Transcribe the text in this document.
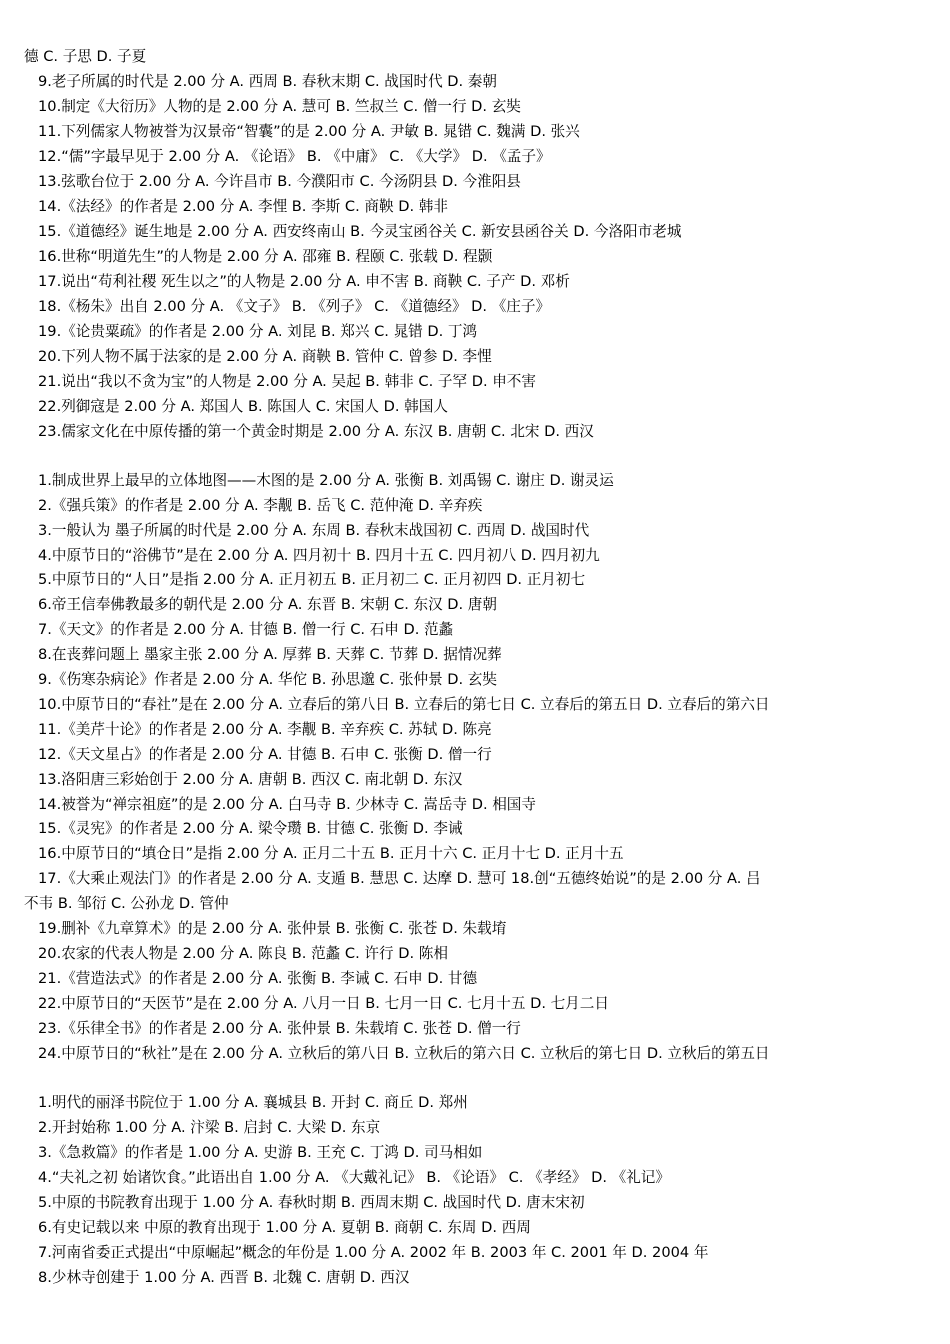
德 C. 子思 D. 子夏
9.老子所属的时代是 2.00 分 A. 西周 B. 春秋末期 C. 战国时代 D. 秦朝
10.制定《大衍历》人物的是 2.00 分 A. 慧可 B. 竺叔兰 C. 僧一行 D. 玄奘
11.下列儒家人物被誉为汉景帝“智囊”的是 2.00 分 A. 尹敏 B. 晁错 C. 魏满 D. 张兴
12.“儒”字最早见于 2.00 分 A. 《论语》 B. 《中庸》 C. 《大学》 D. 《孟子》
13.弦歌台位于 2.00 分 A. 今许昌市 B. 今濮阳市 C. 今汤阴县 D. 今淮阳县
14.《法经》的作者是 2.00 分 A. 李悝 B. 李斯 C. 商鞅 D. 韩非
15.《道德经》诞生地是 2.00 分 A. 西安终南山 B. 今灵宝函谷关 C. 新安县函谷关 D. 今洛阳市老城
16.世称“明道先生”的人物是 2.00 分 A. 邵雍 B. 程颐 C. 张载 D. 程颢
17.说出“苟利社稷 死生以之”的人物是 2.00 分 A. 申不害 B. 商鞅 C. 子产 D. 邓析
18.《杨朱》出自 2.00 分 A. 《文子》 B. 《列子》 C. 《道德经》 D. 《庄子》
19.《论贵粟疏》的作者是 2.00 分 A. 刘昆 B. 郑兴 C. 晁错 D. 丁鸿
20.下列人物不属于法家的是 2.00 分 A. 商鞅 B. 管仲 C. 曾参 D. 李悝
21.说出“我以不贪为宝”的人物是 2.00 分 A. 吴起 B. 韩非 C. 子罕 D. 申不害
22.列御寇是 2.00 分 A. 郑国人 B. 陈国人 C. 宋国人 D. 韩国人
23.儒家文化在中原传播的第一个黄金时期是 2.00 分 A. 东汉 B. 唐朝 C. 北宋 D. 西汉
1.制成世界上最早的立体地图——木图的是 2.00 分 A. 张衡 B. 刘禹锡 C. 谢庄 D. 谢灵运
2.《强兵策》的作者是 2.00 分 A. 李觏 B. 岳飞 C. 范仲淹 D. 辛弃疾
3.一般认为 墨子所属的时代是 2.00 分 A. 东周 B. 春秋末战国初 C. 西周 D. 战国时代
4.中原节日的“浴佛节”是在 2.00 分 A. 四月初十 B. 四月十五 C. 四月初八 D. 四月初九
5.中原节日的“人日”是指 2.00 分 A. 正月初五 B. 正月初二 C. 正月初四 D. 正月初七
6.帝王信奉佛教最多的朝代是 2.00 分 A. 东晋 B. 宋朝 C. 东汉 D. 唐朝
7.《天文》的作者是 2.00 分 A. 甘德 B. 僧一行 C. 石申 D. 范蠡
8.在丧葬问题上 墨家主张 2.00 分 A. 厚葬 B. 天葬 C. 节葬 D. 据情况葬
9.《伤寒杂病论》作者是 2.00 分 A. 华佗 B. 孙思邈 C. 张仲景 D. 玄奘
10.中原节日的“春社”是在 2.00 分 A. 立春后的第八日 B. 立春后的第七日 C. 立春后的第五日 D. 立春后的第六日
11.《美芹十论》的作者是 2.00 分 A. 李觏 B. 辛弃疾 C. 苏轼 D. 陈亮
12.《天文星占》的作者是 2.00 分 A. 甘德 B. 石申 C. 张衡 D. 僧一行
13.洛阳唐三彩始创于 2.00 分 A. 唐朝 B. 西汉 C. 南北朝 D. 东汉
14.被誉为“禅宗祖庭”的是 2.00 分 A. 白马寺 B. 少林寺 C. 嵩岳寺 D. 相国寺
15.《灵宪》的作者是 2.00 分 A. 梁令瓒 B. 甘德 C. 张衡 D. 李诫
16.中原节日的“填仓日”是指 2.00 分 A. 正月二十五 B. 正月十六 C. 正月十七 D. 正月十五
17.《大乘止观法门》的作者是 2.00 分 A. 支遁 B. 慧思 C. 达摩 D. 慧可 18.创“五德终始说”的是 2.00 分 A. 吕
不韦 B. 邹衍 C. 公孙龙 D. 管仲
19.删补《九章算术》的是 2.00 分 A. 张仲景 B. 张衡 C. 张苍 D. 朱载堉
20.农家的代表人物是 2.00 分 A. 陈良 B. 范蠡 C. 许行 D. 陈相
21.《营造法式》的作者是 2.00 分 A. 张衡 B. 李诫 C. 石申 D. 甘德
22.中原节日的“天医节”是在 2.00 分 A. 八月一日 B. 七月一日 C. 七月十五 D. 七月二日
23.《乐律全书》的作者是 2.00 分 A. 张仲景 B. 朱载堉 C. 张苍 D. 僧一行
24.中原节日的“秋社”是在 2.00 分 A. 立秋后的第八日 B. 立秋后的第六日 C. 立秋后的第七日 D. 立秋后的第五日
1.明代的丽泽书院位于 1.00 分 A. 襄城县 B. 开封 C. 商丘 D. 郑州
2.开封始称 1.00 分 A. 汴梁 B. 启封 C. 大梁 D. 东京
3.《急救篇》的作者是 1.00 分 A. 史游 B. 王充 C. 丁鸿 D. 司马相如
4.“夫礼之初 始诸饮食。”此语出自 1.00 分 A. 《大戴礼记》 B. 《论语》 C. 《孝经》 D. 《礼记》
5.中原的书院教育出现于 1.00 分 A. 春秋时期 B. 西周末期 C. 战国时代 D. 唐末宋初
6.有史记载以来 中原的教育出现于 1.00 分 A. 夏朝 B. 商朝 C. 东周 D. 西周
7.河南省委正式提出“中原崛起”概念的年份是 1.00 分 A. 2002 年 B. 2003 年 C. 2001 年 D. 2004 年
8.少林寺创建于 1.00 分 A. 西晋 B. 北魏 C. 唐朝 D. 西汉
